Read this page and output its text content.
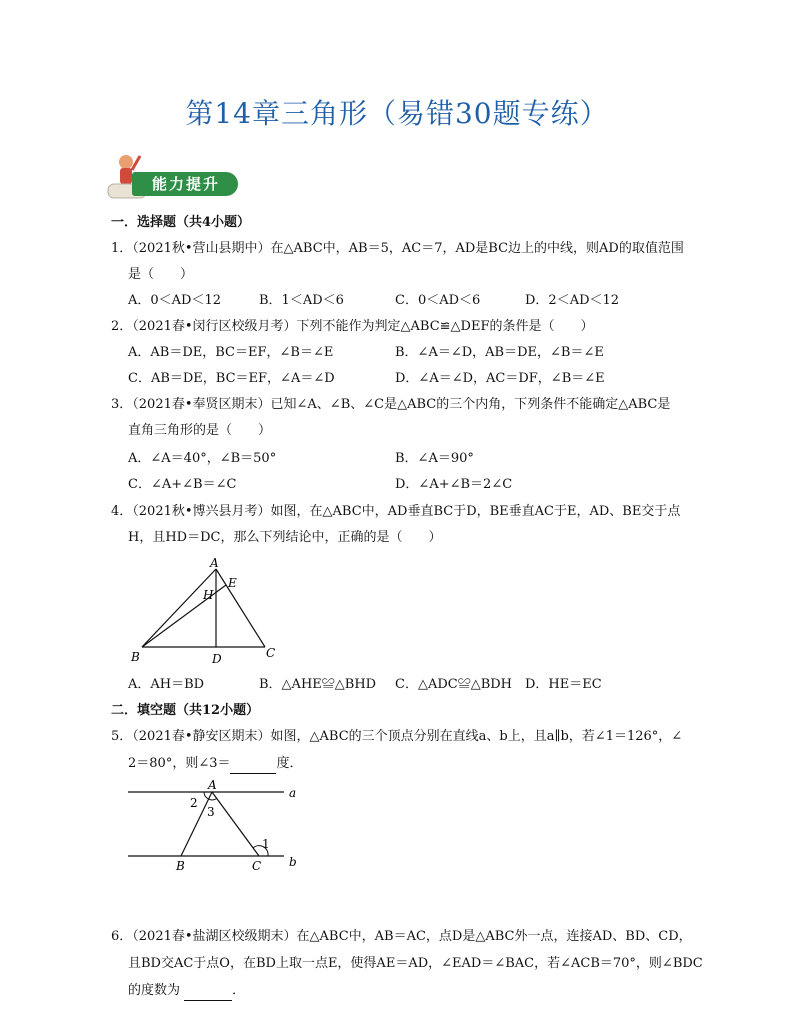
第14章三角形（易错30题专练）
能力提升
一．选择题（共4小题）
1．（2021秋•营山县期中）在△ABC中，AB＝5，AC＝7，AD是BC边上的中线，则AD的取值范围
是（　　）
A．0＜AD＜12	B．1＜AD＜6	C．0＜AD＜6	D．2＜AD＜12
2．（2021春•闵行区校级月考）下列不能作为判定△ABC≌△DEF的条件是（　　）
A．AB＝DE，BC＝EF，∠B＝∠E	B．∠A＝∠D，AB＝DE，∠B＝∠E
C．AB＝DE，BC＝EF，∠A＝∠D	D．∠A＝∠D，AC＝DF，∠B＝∠E
3．（2021春•奉贤区期末）已知∠A、∠B、∠C是△ABC的三个内角，下列条件不能确定△ABC是
直角三角形的是（　　）
A．∠A＝40°，∠B＝50°	B．∠A＝90°
C．∠A+∠B＝∠C	D．∠A+∠B＝2∠C
4．（2021秋•博兴县月考）如图，在△ABC中，AD垂直BC于D，BE垂直AC于E，AD、BE交于点
H，且HD＝DC，那么下列结论中，正确的是（　　）
A
E
H
B	D	C
A．AH＝BD	B．△AHE≌△BHD C．△ADC≌△BDH D．HE＝EC
二．填空题（共12小题）
5．（2021春•静安区期末）如图，△ABC的三个顶点分别在直线a、b上，且a∥b，若∠1＝126°，∠
2＝80°，则∠3＝	度．
A
a
b
B	C
2
3
1
6．（2021春•盐湖区校级期末）在△ABC中，AB＝AC，点D是△ABC外一点，连接AD、BD、CD，
且BD交AC于点O，在BD上取一点E，使得AE＝AD，∠EAD＝∠BAC，若∠ACB＝70°，则∠BDC
的度数为	．
